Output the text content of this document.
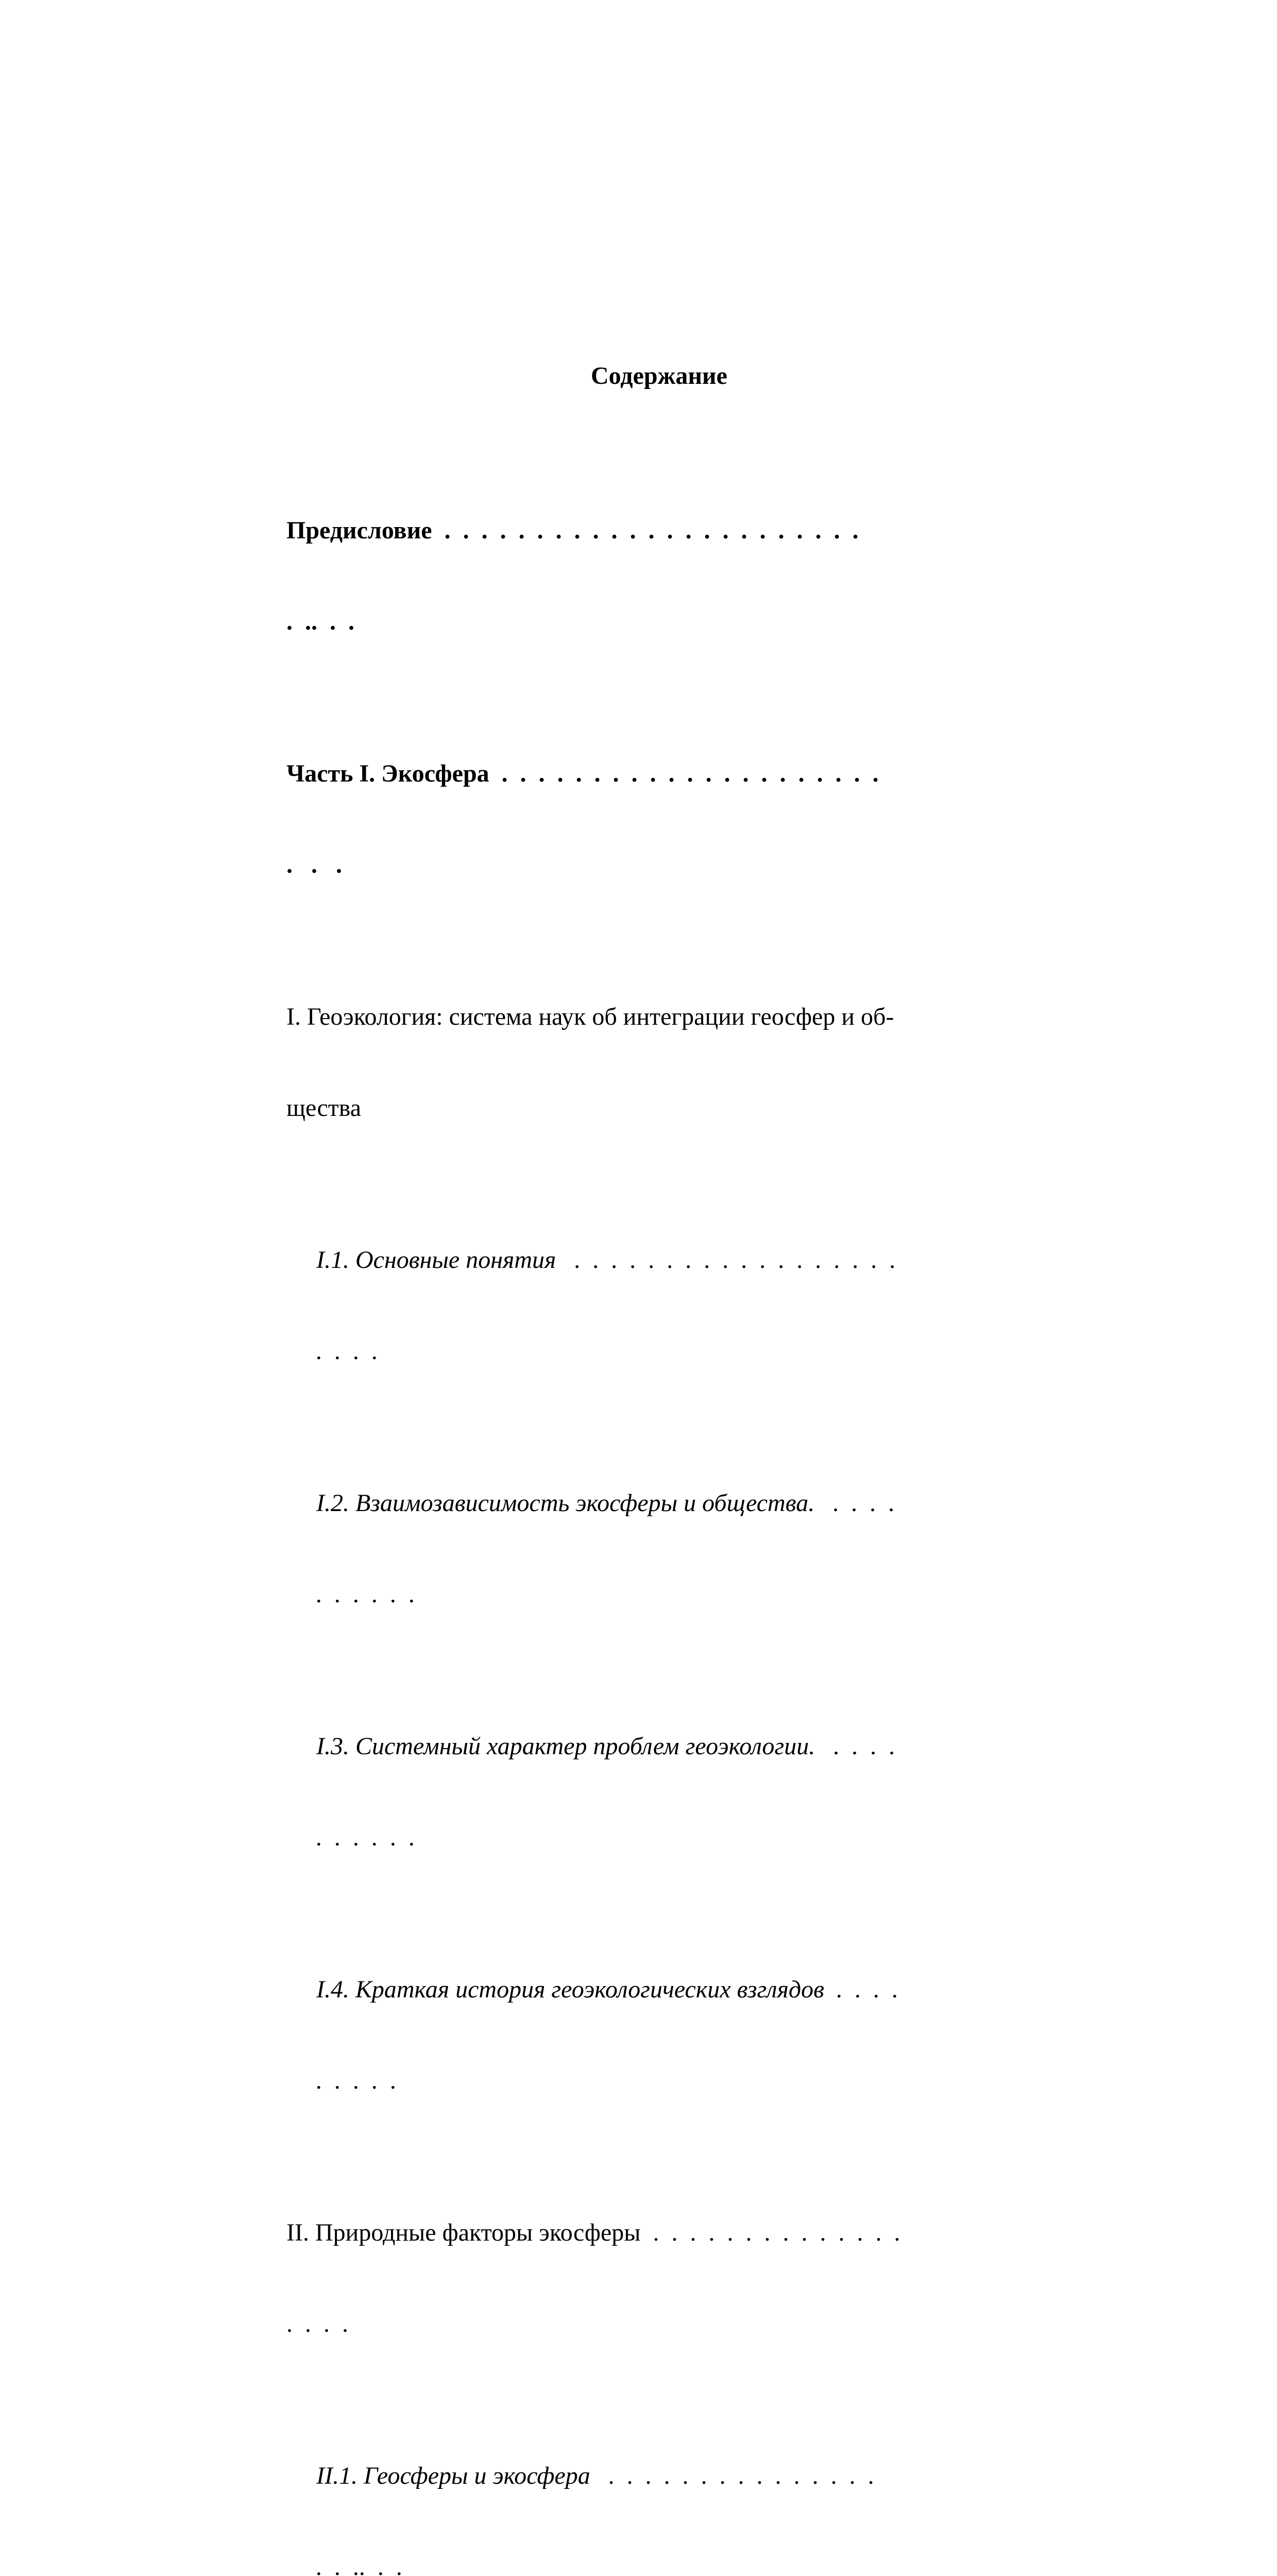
Содержание

Предисловие  .  .  .  .  .  .  .  .  .  .  .  .  .  .  .  .  .  .  .  .  .  .  .

.  ..  .  .

Часть I. Экосфера  .  .  .  .  .  .  .  .  .  .  .  .  .  .  .  .  .  .  .  .  .

.   .   .

I. Геоэкология: система наук об интеграции геосфер и об-

щества

I.1. Основные понятия   .  .  .  .  .  .  .  .  .  .  .  .  .  .  .  .  .  .

.  .  .  .

I.2. Взаимозависимость экосферы и общества.   .  .  .  .

.  .  .  .  .  .

I.3. Системный характер проблем геоэкологии.   .  .  .  .

.  .  .  .  .  .

I.4. Краткая история геоэкологических взглядов  .  .  .  .

.  .  .  .  .

II. Природные факторы экосферы  .  .  .  .  .  .  .  .  .  .  .  .  .  .

.  .  .  .

II.1. Геосферы и экосфера   .  .  .  .  .  .  .  .  .  .  .  .  .  .  .

.  .  ..  .  .
